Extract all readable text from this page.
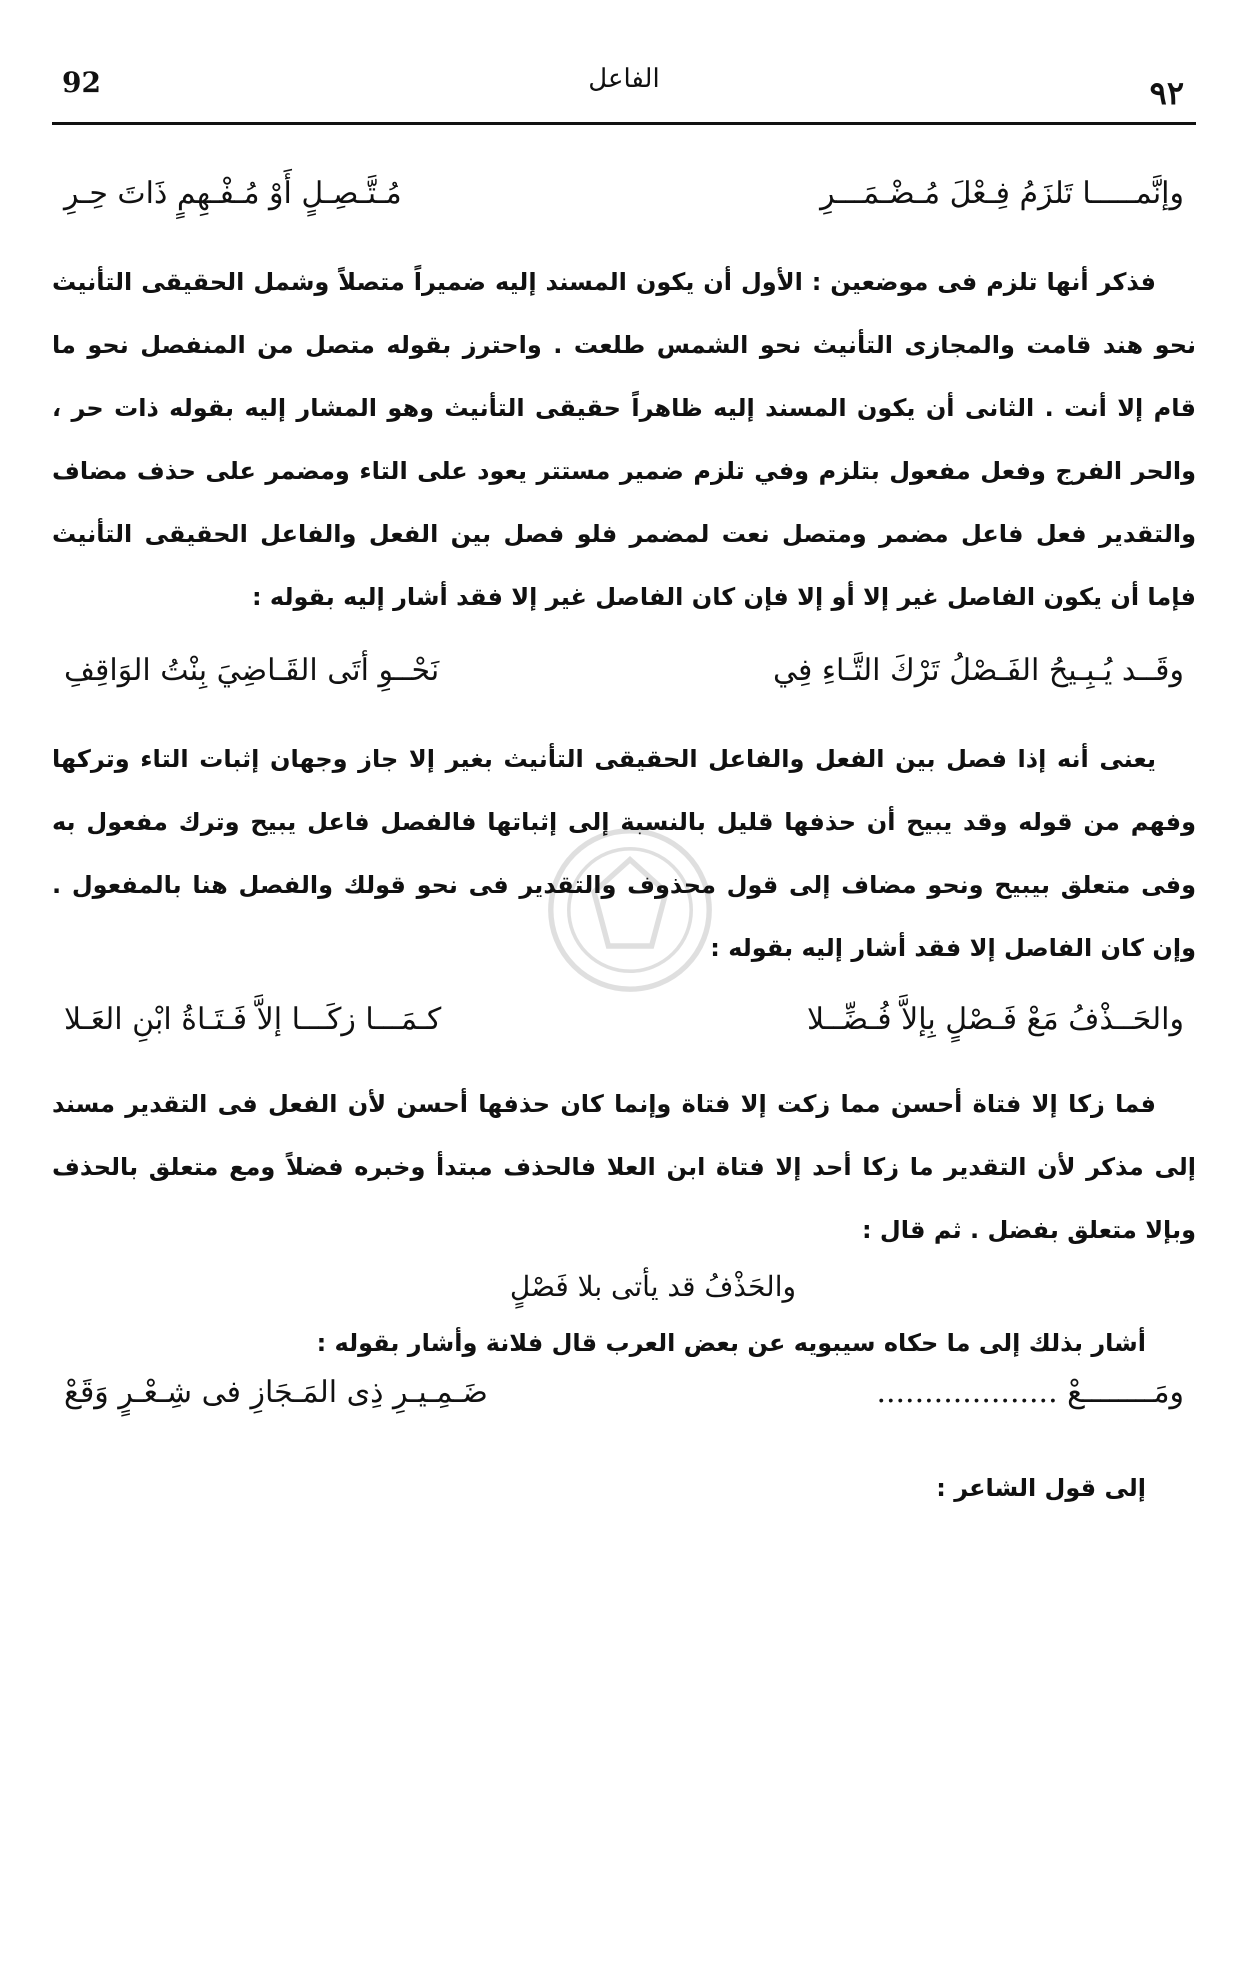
92	الفاعل	٩٢
وإنَّمـــــا تَلزَمُ فِـعْلَ مُـضْـمَـــرِ
مُـتَّـصِـلٍ أَوْ مُـفْـهِمٍ ذَاتَ حِـرِ

فذكر أنها تلزم فى موضعين : الأول أن يكون المسند إليه ضميراً متصلاً وشمل الحقيقى التأنيث نحو هند قامت والمجازى التأنيث نحو الشمس طلعت . واحترز بقوله متصل من المنفصل نحو ما قام إلا أنت . الثانى أن يكون المسند إليه ظاهراً حقيقى التأنيث وهو المشار إليه بقوله ذات حر ، والحر الفرج وفعل مفعول بتلزم وفي تلزم ضمير مستتر يعود على التاء ومضمر على حذف مضاف والتقدير فعل فاعل مضمر ومتصل نعت لمضمر فلو فصل بين الفعل والفاعل الحقيقى التأنيث فإما أن يكون الفاصل غير إلا أو إلا فإن كان الفاصل غير إلا فقد أشار إليه بقوله :

وقَــد يُـبِـيحُ الفَـصْلُ تَرْكَ التَّـاءِ فِي
نَحْــوِ أتَى القَـاضِيَ بِنْتُ الوَاقِفِ

يعنى أنه إذا فصل بين الفعل والفاعل الحقيقى التأنيث بغير إلا جاز وجهان إثبات التاء وتركها وفهم من قوله وقد يبيح أن حذفها قليل بالنسبة إلى إثباتها فالفصل فاعل يبيح وترك مفعول به وفى متعلق بيبيح ونحو مضاف إلى قول محذوف والتقدير فى نحو قولك والفصل هنا بالمفعول . وإن كان الفاصل إلا فقد أشار إليه بقوله :

والحَــذْفُ مَعْ فَـصْلٍ بِإلاَّ فُـضِّــلا
كـمَـــا زكَـــا إلاَّ فَـتَـاةُ ابْنِ العَـلا

فما زكا إلا فتاة أحسن مما زكت إلا فتاة وإنما كان حذفها أحسن لأن الفعل فى التقدير مسند إلى مذكر لأن التقدير ما زكا أحد إلا فتاة ابن العلا فالحذف مبتدأ وخبره فضلاً ومع متعلق بالحذف وبإلا متعلق بفضل . ثم قال :

والحَذْفُ قد يأتى بلا فَصْلٍ
أشار بذلك إلى ما حكاه سيبويه عن بعض العرب قال فلانة وأشار بقوله :
ومَــــــــعْ ...................
ضَـمِـيـرِ ذِى المَـجَازِ فى شِـعْـرٍ وَقَعْ
إلى قول الشاعر :
